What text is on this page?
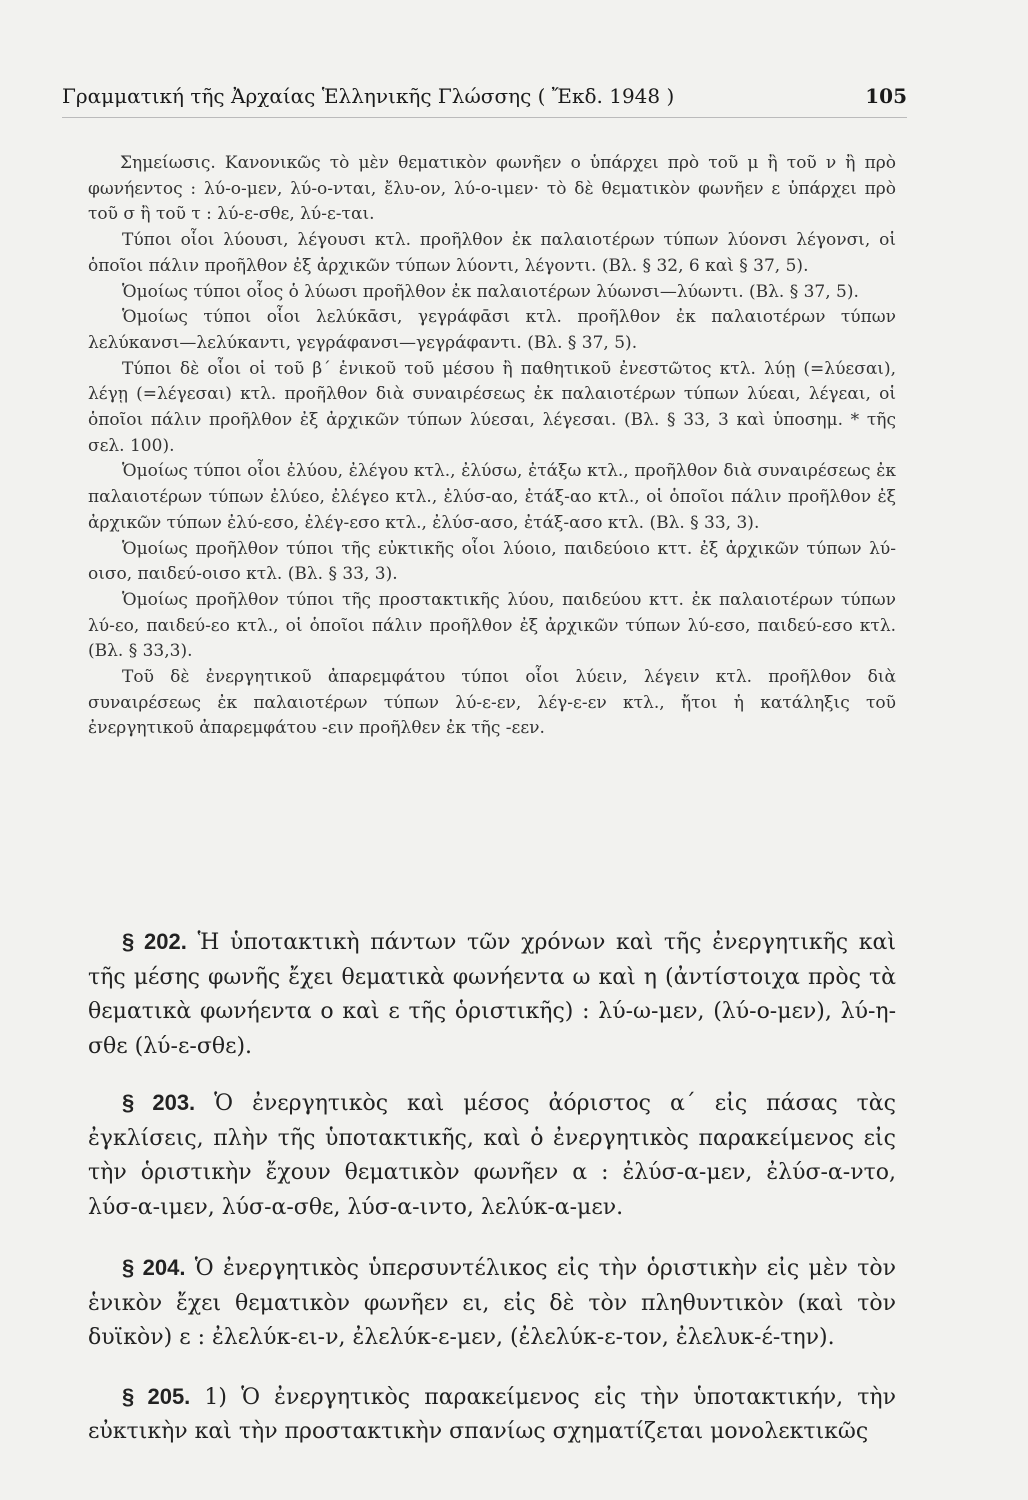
Γραμματική τῆς Ἀρχαίας Ἑλληνικῆς Γλώσσης ( Ἔκδ. 1948 )	105

Σημείωσις. Κανονικῶς τὸ μὲν θεματικὸν φωνῆεν ο ὑπάρχει πρὸ τοῦ μ ἢ τοῦ ν ἢ πρὸ φωνήεντος : λύ-ο-μεν, λύ-ο-νται, ἔλυ-ον, λύ-ο-ιμεν· τὸ δὲ θεματικὸν φωνῆεν ε ὑπάρχει πρὸ τοῦ σ ἢ τοῦ τ : λύ-ε-σθε, λύ-ε-ται.

Τύποι οἷοι λύουσι, λέγουσι κτλ. προῆλθον ἐκ παλαιοτέρων τύπων λύονσι λέγονσι, οἱ ὁποῖοι πάλιν προῆλθον ἐξ ἀρχικῶν τύπων λύοντι, λέγοντι. (Βλ. § 32, 6 καὶ § 37, 5).

Ὁμοίως τύποι οἷος ὁ λύωσι προῆλθον ἐκ παλαιοτέρων λύωνσι—λύωντι. (Βλ. § 37, 5).

Ὁμοίως τύποι οἷοι λελύκᾱσι, γεγράφᾱσι κτλ. προῆλθον ἐκ παλαιοτέρων τύπων λελύκανσι—λελύκαντι, γεγράφανσι—γεγράφαντι. (Βλ. § 37, 5).

Τύποι δὲ οἷοι οἱ τοῦ β΄ ἑνικοῦ τοῦ μέσου ἢ παθητικοῦ ἐνεστῶτος κτλ. λύῃ (=λύεσαι), λέγῃ (=λέγεσαι) κτλ. προῆλθον διὰ συναιρέσεως ἐκ παλαιοτέρων τύπων λύεαι, λέγεαι, οἱ ὁποῖοι πάλιν προῆλθον ἐξ ἀρχικῶν τύπων λύεσαι, λέγεσαι. (Βλ. § 33, 3 καὶ ὑποσημ. * τῆς σελ. 100).

Ὁμοίως τύποι οἷοι ἐλύου, ἐλέγου κτλ., ἐλύσω, ἐτάξω κτλ., προῆλθον διὰ συναιρέσεως ἐκ παλαιοτέρων τύπων ἐλύεο, ἐλέγεο κτλ., ἐλύσ-αο, ἐτάξ-αο κτλ., οἱ ὁποῖοι πάλιν προῆλθον ἐξ ἀρχικῶν τύπων ἐλύ-εσο, ἐλέγ-εσο κτλ., ἐλύσ-ασο, ἐτάξ-ασο κτλ. (Βλ. § 33, 3).

Ὁμοίως προῆλθον τύποι τῆς εὐκτικῆς οἷοι λύοιο, παιδεύοιο κττ. ἐξ ἀρχικῶν τύπων λύ-οισο, παιδεύ-οισο κτλ. (Βλ. § 33, 3).

Ὁμοίως προῆλθον τύποι τῆς προστακτικῆς λύου, παιδεύου κττ. ἐκ παλαιοτέρων τύπων λύ-εο, παιδεύ-εο κτλ., οἱ ὁποῖοι πάλιν προῆλθον ἐξ ἀρχικῶν τύπων λύ-εσο, παιδεύ-εσο κτλ. (Βλ. § 33,3).

Τοῦ δὲ ἐνεργητικοῦ ἀπαρεμφάτου τύποι οἷοι λύειν, λέγειν κτλ. προῆλθον διὰ συναιρέσεως ἐκ παλαιοτέρων τύπων λύ-ε-εν, λέγ-ε-εν κτλ., ἤτοι ἡ κατάληξις τοῦ ἐνεργητικοῦ ἀπαρεμφάτου -ειν προῆλθεν ἐκ τῆς -εεν.

§ 202. Ἡ ὑποτακτικὴ πάντων τῶν χρόνων καὶ τῆς ἐνεργητικῆς καὶ τῆς μέσης φωνῆς ἔχει θεματικὰ φωνήεντα ω καὶ η (ἀντίστοιχα πρὸς τὰ θεματικὰ φωνήεντα ο καὶ ε τῆς ὁριστικῆς) : λύ-ω-μεν, (λύ-ο-μεν), λύ-η-σθε (λύ-ε-σθε).

§ 203. Ὁ ἐνεργητικὸς καὶ μέσος ἀόριστος α΄ εἰς πάσας τὰς ἐγκλίσεις, πλὴν τῆς ὑποτακτικῆς, καὶ ὁ ἐνεργητικὸς παρακείμενος εἰς τὴν ὁριστικὴν ἔχουν θεματικὸν φωνῆεν α : ἐλύσ-α-μεν, ἐλύσ-α-ντο, λύσ-α-ιμεν, λύσ-α-σθε, λύσ-α-ιντο, λελύκ-α-μεν.

§ 204. Ὁ ἐνεργητικὸς ὑπερσυντέλικος εἰς τὴν ὁριστικὴν εἰς μὲν τὸν ἑνικὸν ἔχει θεματικὸν φωνῆεν ει, εἰς δὲ τὸν πληθυντικὸν (καὶ τὸν δυϊκὸν) ε : ἐλελύκ-ει-ν, ἐλελύκ-ε-μεν, (ἐλελύκ-ε-τον, ἐλελυκ-έ-την).

§ 205. 1) Ὁ ἐνεργητικὸς παρακείμενος εἰς τὴν ὑποτακτικήν, τὴν εὐκτικὴν καὶ τὴν προστακτικὴν σπανίως σχηματίζεται μονολεκτικῶς
